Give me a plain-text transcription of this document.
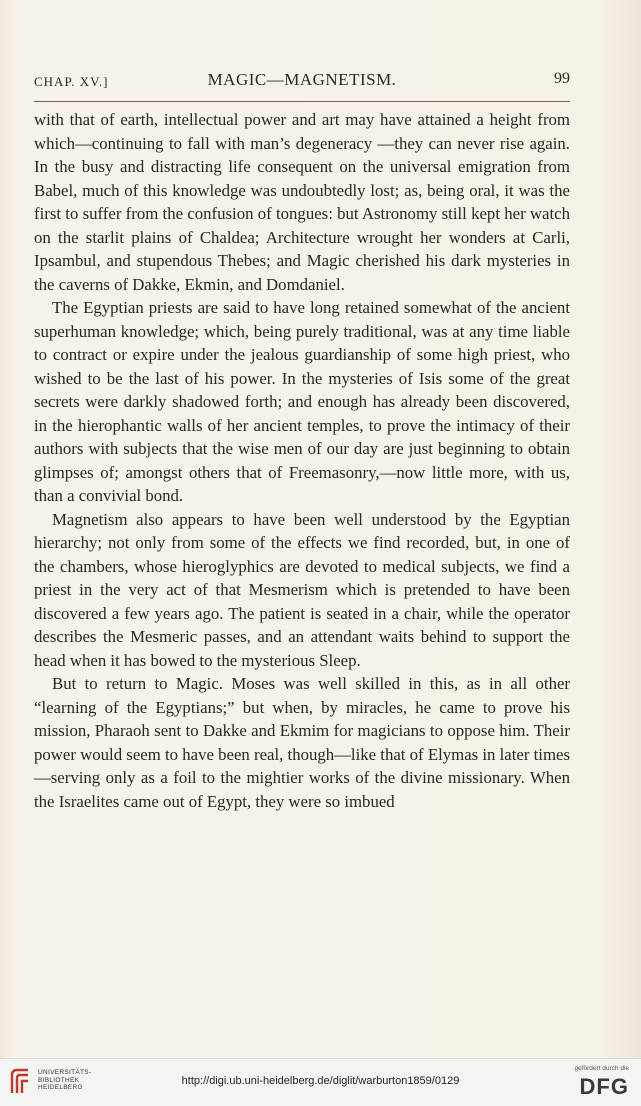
CHAP. XV.]	MAGIC—MAGNETISM.	99

with that of earth, intellectual power and art may have attained a height from which—continuing to fall with man’s degeneracy —they can never rise again. In the busy and distracting life consequent on the universal emigration from Babel, much of this knowledge was undoubtedly lost; as, being oral, it was the first to suffer from the confusion of tongues: but Astronomy still kept her watch on the starlit plains of Chaldea; Architecture wrought her wonders at Carli, Ipsambul, and stupendous Thebes; and Magic cherished his dark mysteries in the caverns of Dakke, Ekmin, and Domdaniel.

The Egyptian priests are said to have long retained somewhat of the ancient superhuman knowledge; which, being purely traditional, was at any time liable to contract or expire under the jealous guardianship of some high priest, who wished to be the last of his power. In the mysteries of Isis some of the great secrets were darkly shadowed forth; and enough has already been discovered, in the hierophantic walls of her ancient temples, to prove the intimacy of their authors with subjects that the wise men of our day are just beginning to obtain glimpses of; amongst others that of Freemasonry,—now little more, with us, than a convivial bond.

Magnetism also appears to have been well understood by the Egyptian hierarchy; not only from some of the effects we find recorded, but, in one of the chambers, whose hieroglyphics are devoted to medical subjects, we find a priest in the very act of that Mesmerism which is pretended to have been discovered a few years ago. The patient is seated in a chair, while the operator describes the Mesmeric passes, and an attendant waits behind to support the head when it has bowed to the mysterious Sleep.

But to return to Magic. Moses was well skilled in this, as in all other “learning of the Egyptians;” but when, by miracles, he came to prove his mission, Pharaoh sent to Dakke and Ekmim for magicians to oppose him. Their power would seem to have been real, though—like that of Elymas in later times—serving only as a foil to the mightier works of the divine missionary. When the Israelites came out of Egypt, they were so imbued

UNIVERSITÄTS-
BIBLIOTHEK
HEIDELBERG
http://digi.ub.uni-heidelberg.de/diglit/warburton1859/0129
gefördert durch die
DFG
